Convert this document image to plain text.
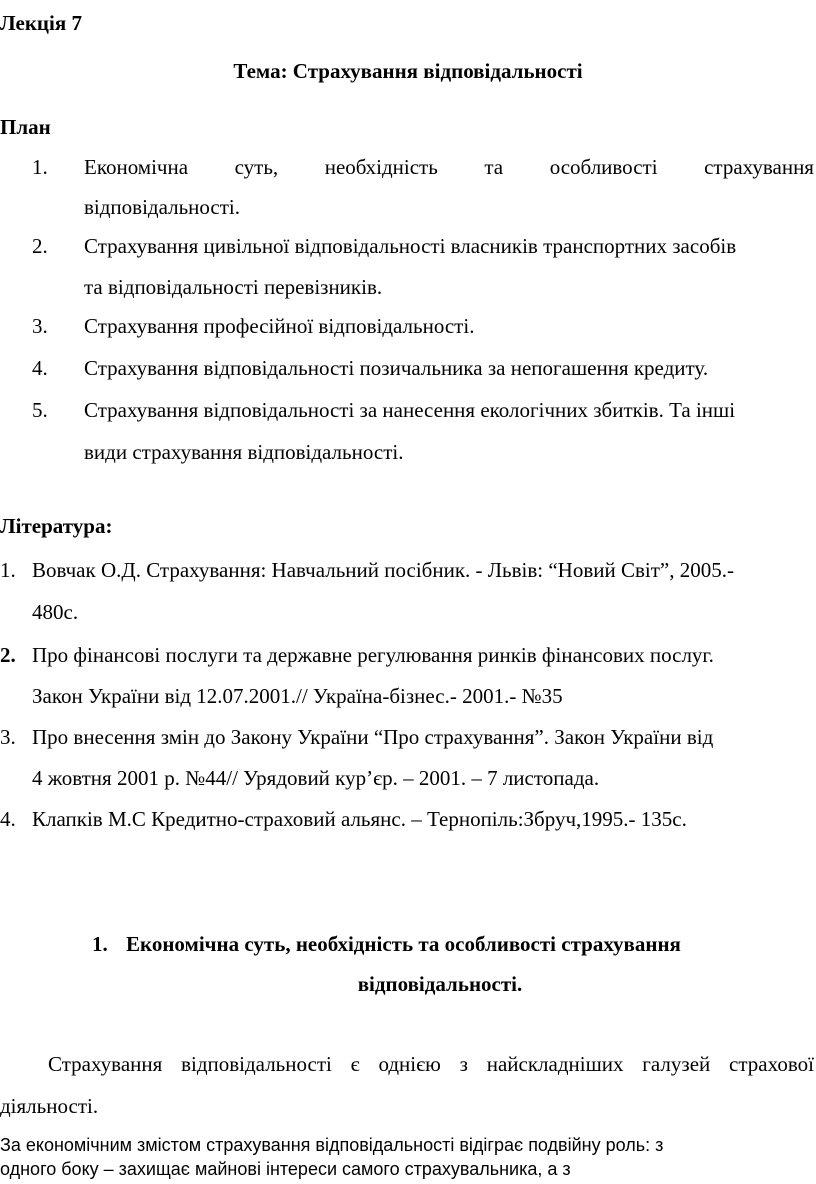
Лекція 7
Тема: Страхування відповідальності
План
1. Економічна суть, необхідність та особливості страхування
відповідальності.
2. Страхування цивільної відповідальності власників транспортних засобів
та відповідальності перевізників.
3. Страхування професійної відповідальності.
4. Страхування відповідальності позичальника за непогашення кредиту.
5. Страхування відповідальності за нанесення екологічних збитків. Та інші
види страхування відповідальності.
Література:
1. Вовчак О.Д. Страхування: Навчальний посібник. - Львів: “Новий Світ”, 2005.-
480с.
2. Про фінансові послуги та державне регулювання ринків фінансових послуг.
Закон України від 12.07.2001.// Україна-бізнес.- 2001.- №35
3. Про внесення змін до Закону України “Про страхування”. Закон України від
4 жовтня 2001 р. №44// Урядовий кур’єр. – 2001. – 7 листопада.
4. Клапків М.С Кредитно-страховий альянс. – Тернопіль:Збруч,1995.- 135с.
1. Економічна суть, необхідність та особливості страхування
відповідальності.
Страхування відповідальності є однією з найскладніших галузей страхової
діяльності.
За економічним змістом страхування відповідальності відіграє подвійну роль: з
одного боку – захищає майнові інтереси самого страхувальника, а з
